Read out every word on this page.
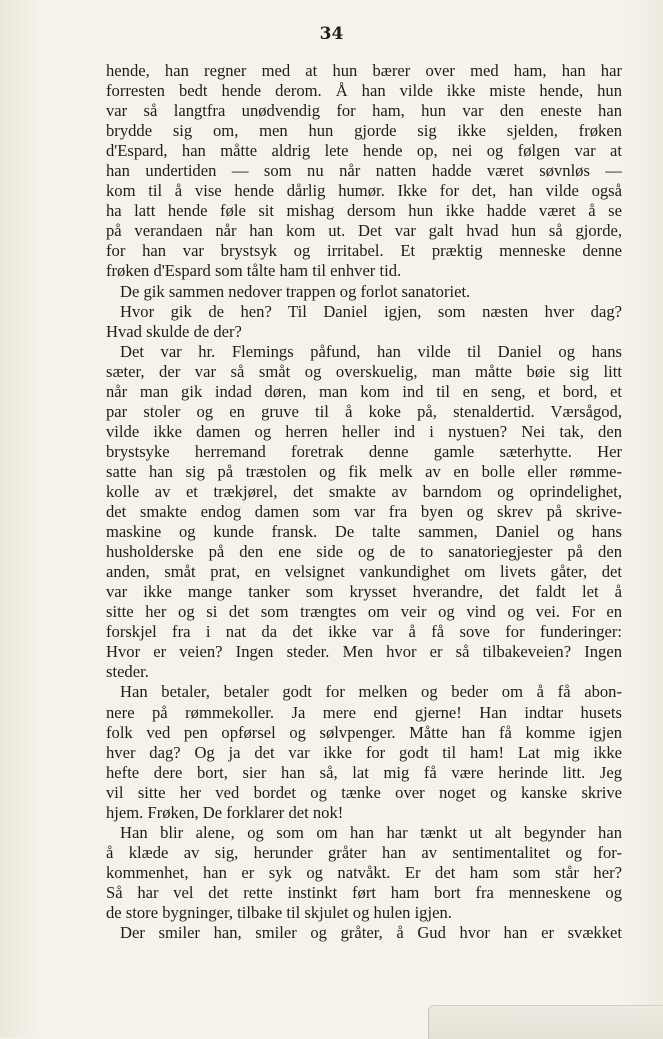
34
hende, han regner med at hun bærer over med ham, han har
forresten bedt hende derom. Å han vilde ikke miste hende, hun
var så langtfra unødvendig for ham, hun var den eneste han
brydde sig om, men hun gjorde sig ikke sjelden, frøken
d'Espard, han måtte aldrig lete hende op, nei og følgen var at
han undertiden — som nu når natten hadde været søvnløs —
kom til å vise hende dårlig humør. Ikke for det, han vilde også
ha latt hende føle sit mishag dersom hun ikke hadde været å se
på verandaen når han kom ut. Det var galt hvad hun så gjorde,
for han var brystsyk og irritabel. Et præktig menneske denne
frøken d'Espard som tålte ham til enhver tid.
De gik sammen nedover trappen og forlot sanatoriet.
Hvor gik de hen? Til Daniel igjen, som næsten hver dag?
Hvad skulde de der?
Det var hr. Flemings påfund, han vilde til Daniel og hans
sæter, der var så småt og overskuelig, man måtte bøie sig litt
når man gik indad døren, man kom ind til en seng, et bord, et
par stoler og en gruve til å koke på, stenaldertid. Værsågod,
vilde ikke damen og herren heller ind i nystuen? Nei tak, den
brystsyke herremand foretrak denne gamle sæterhytte. Her
satte han sig på træstolen og fik melk av en bolle eller rømme-
kolle av et trækjørel, det smakte av barndom og oprindelighet,
det smakte endog damen som var fra byen og skrev på skrive-
maskine og kunde fransk. De talte sammen, Daniel og hans
husholderske på den ene side og de to sanatoriegjester på den
anden, småt prat, en velsignet vankundighet om livets gåter, det
var ikke mange tanker som krysset hverandre, det faldt let å
sitte her og si det som trængtes om veir og vind og vei. For en
forskjel fra i nat da det ikke var å få sove for funderinger:
Hvor er veien? Ingen steder. Men hvor er så tilbakeveien? Ingen
steder.
Han betaler, betaler godt for melken og beder om å få abon-
nere på rømmekoller. Ja mere end gjerne! Han indtar husets
folk ved pen opførsel og sølvpenger. Måtte han få komme igjen
hver dag? Og ja det var ikke for godt til ham! Lat mig ikke
hefte dere bort, sier han så, lat mig få være herinde litt. Jeg
vil sitte her ved bordet og tænke over noget og kanske skrive
hjem. Frøken, De forklarer det nok!
Han blir alene, og som om han har tænkt ut alt begynder han
å klæde av sig, herunder gråter han av sentimentalitet og for-
kommenhet, han er syk og natvåkt. Er det ham som står her?
Så har vel det rette instinkt ført ham bort fra menneskene og
de store bygninger, tilbake til skjulet og hulen igjen.
Der smiler han, smiler og gråter, å Gud hvor han er svækket
